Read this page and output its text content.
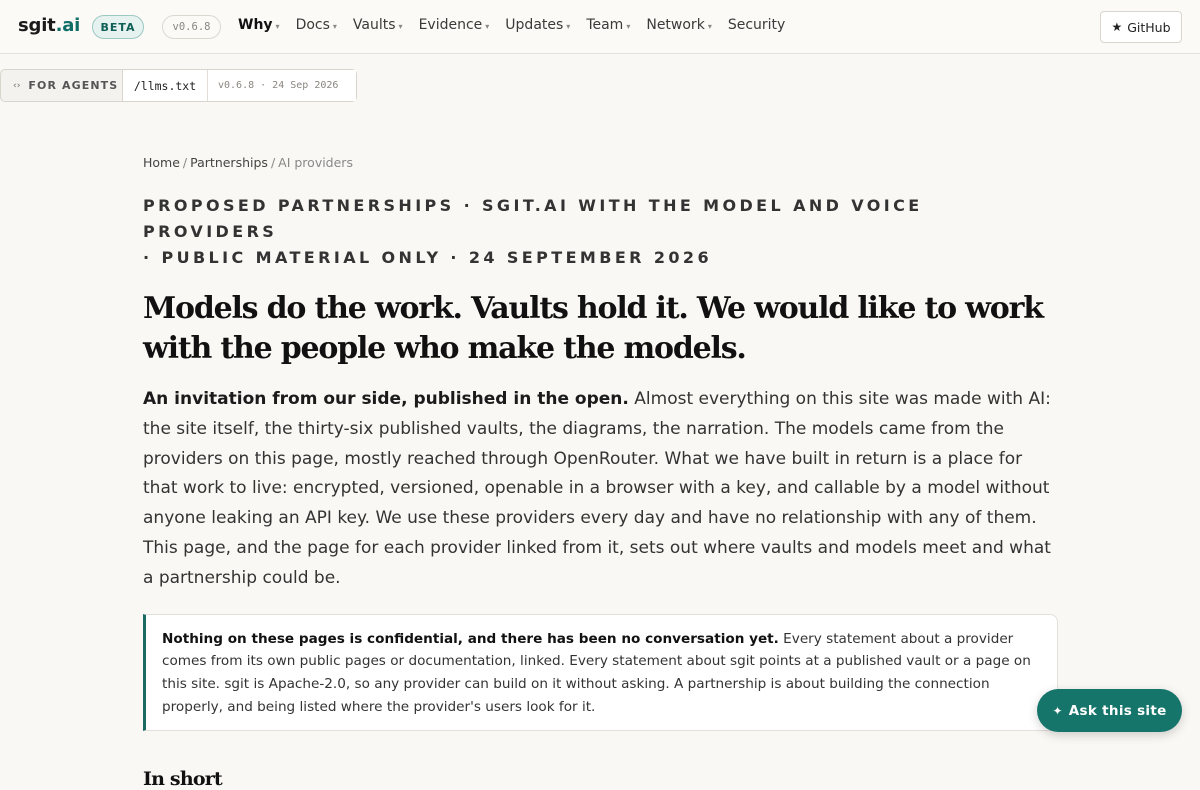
sgit.ai	BETA	v0.6.8	Why ▾ Docs ▾ Vaults ▾ Evidence ▾ Updates ▾ Team ▾ Network ▾ Security	★ GitHub
‹› FOR AGENTS	/llms.txt	v0.6.8 · 24 Sep 2026
Home / Partnerships / AI providers
PROPOSED PARTNERSHIPS · SGIT.AI WITH THE MODEL AND VOICE PROVIDERS
· PUBLIC MATERIAL ONLY · 24 SEPTEMBER 2026
Models do the work. Vaults hold it. We would like to work with the people who make the models.

An invitation from our side, published in the open. Almost everything on this site was made with AI: the site itself, the thirty-six published vaults, the diagrams, the narration. The models came from the providers on this page, mostly reached through OpenRouter. What we have built in return is a place for that work to live: encrypted, versioned, openable in a browser with a key, and callable by a model without anyone leaking an API key. We use these providers every day and have no relationship with any of them. This page, and the page for each provider linked from it, sets out where vaults and models meet and what a partnership could be.

Nothing on these pages is confidential, and there has been no conversation yet. Every statement about a provider comes from its own public pages or documentation, linked. Every statement about sgit points at a published vault or a page on this site. sgit is Apache-2.0, so any provider can build on it without asking. A partnership is about building the connection properly, and being listed where the provider's users look for it.
In short
✦ Ask this site
